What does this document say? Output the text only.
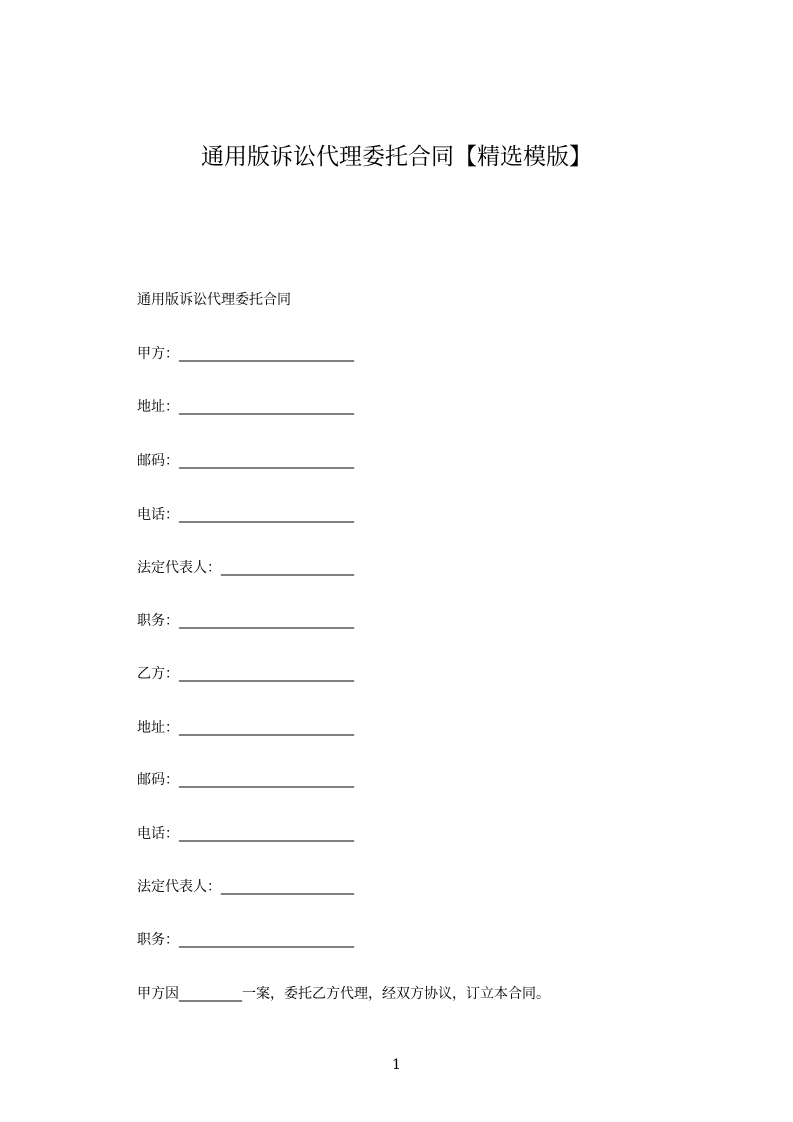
通用版诉讼代理委托合同【精选模版】
通用版诉讼代理委托合同
甲方：_________________________
地址：_________________________
邮码：_________________________
电话：_________________________
法定代表人：___________________
职务：_________________________
乙方：_________________________
地址：_________________________
邮码：_________________________
电话：_________________________
法定代表人：___________________
职务：_________________________
甲方因_________一案，委托乙方代理，经双方协议，订立本合同。
1
